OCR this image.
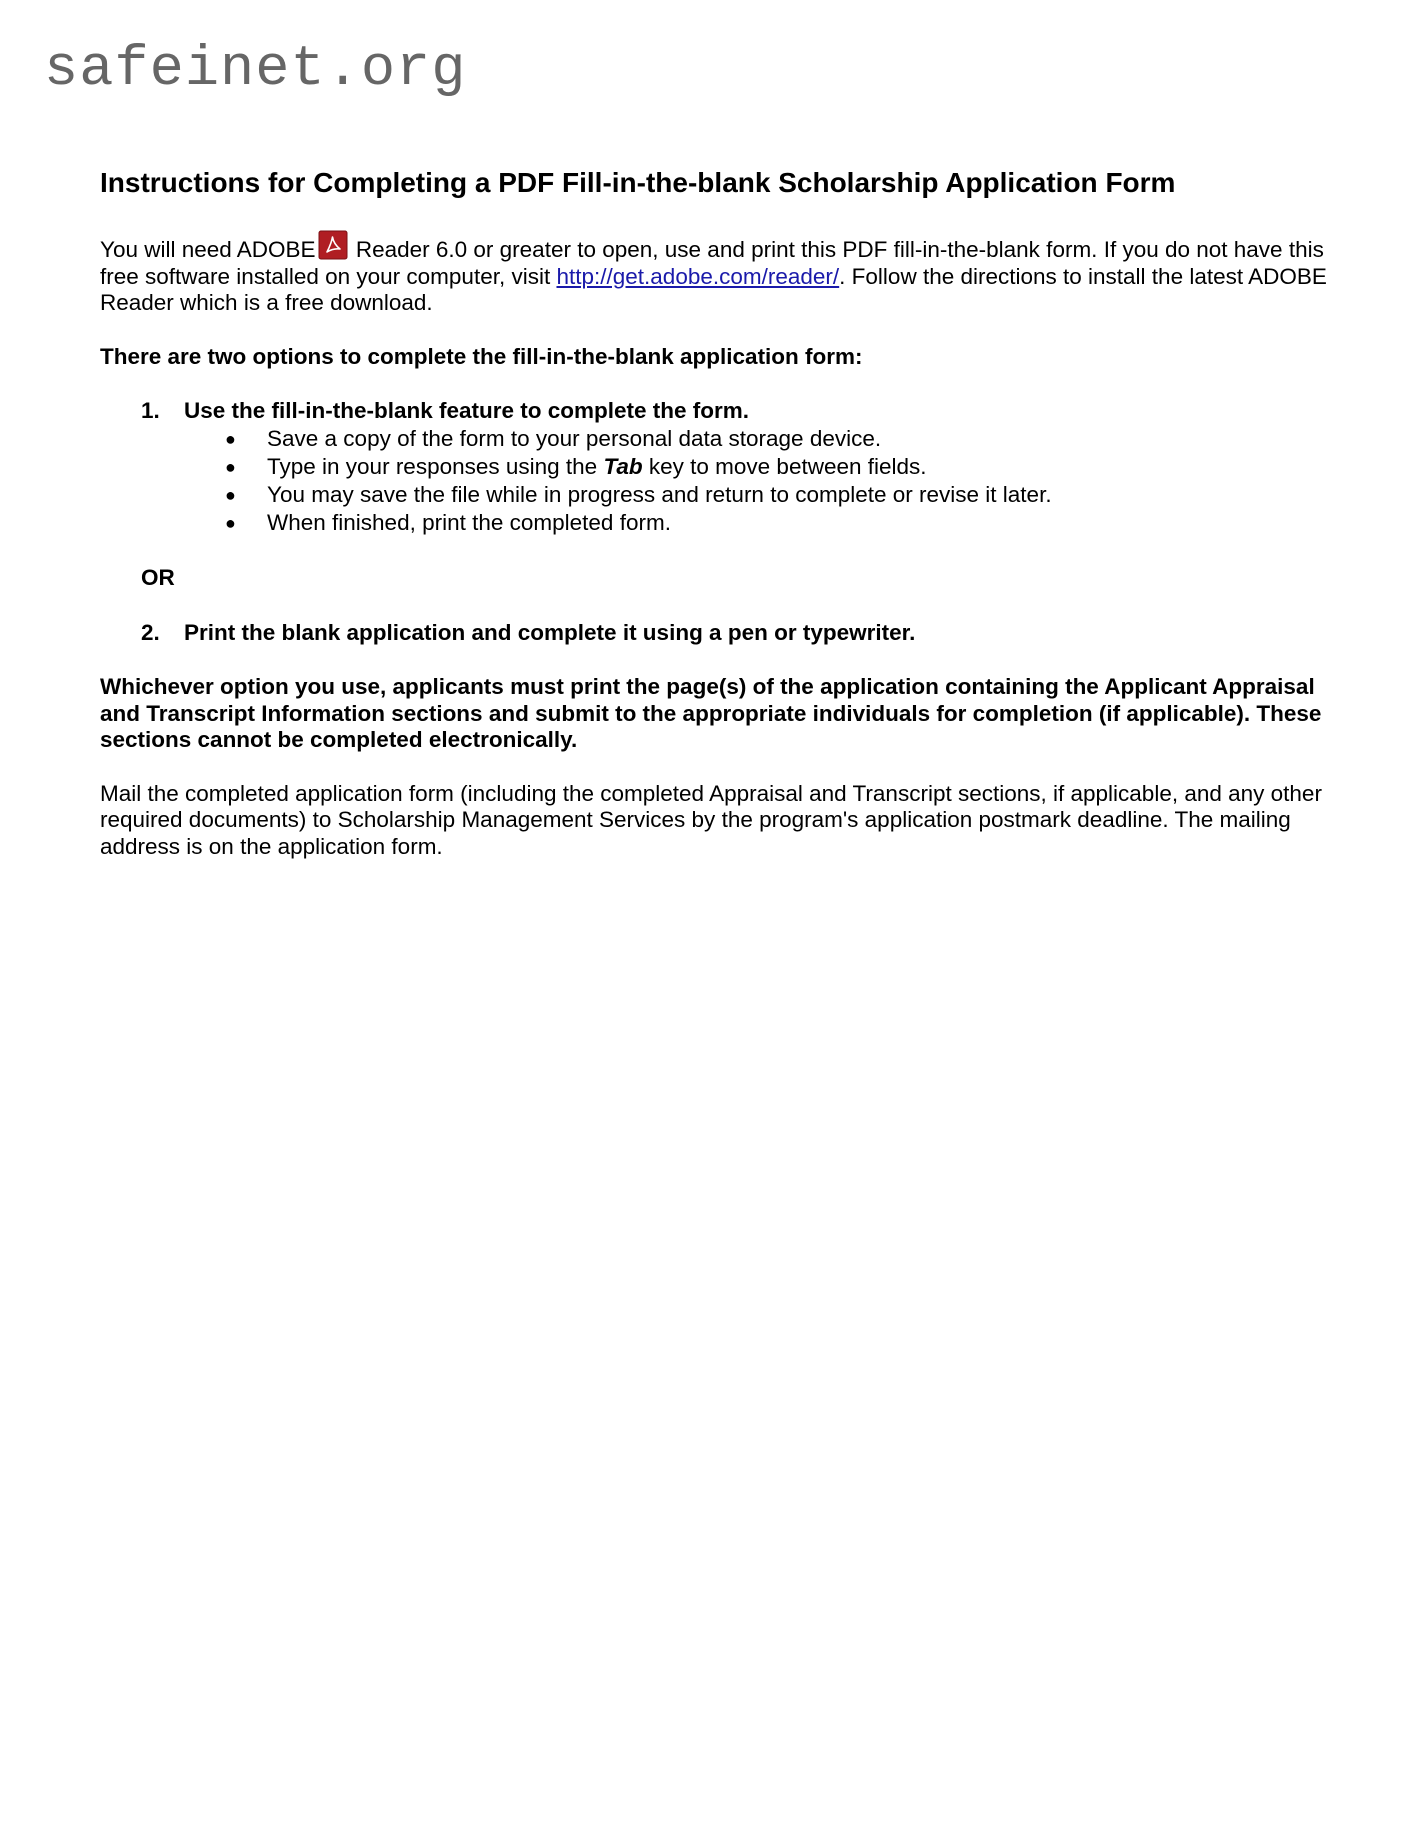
safeinet.org
Instructions for Completing a PDF Fill-in-the-blank Scholarship Application Form

You will need ADOBE Reader 6.0 or greater to open, use and print this PDF fill-in-the-blank form. If you do not have this free software installed on your computer, visit http://get.adobe.com/reader/. Follow the directions to install the latest ADOBE Reader which is a free download.

There are two options to complete the fill-in-the-blank application form:

1.	Use the fill-in-the-blank feature to complete the form.
●	Save a copy of the form to your personal data storage device.
●	Type in your responses using the Tab key to move between fields.
●	You may save the file while in progress and return to complete or revise it later.
●	When finished, print the completed form.
OR
2.	Print the blank application and complete it using a pen or typewriter.

Whichever option you use, applicants must print the page(s) of the application containing the Applicant Appraisal and Transcript Information sections and submit to the appropriate individuals for completion (if applicable). These sections cannot be completed electronically.

Mail the completed application form (including the completed Appraisal and Transcript sections, if applicable, and any other required documents) to Scholarship Management Services by the program's application postmark deadline. The mailing address is on the application form.
